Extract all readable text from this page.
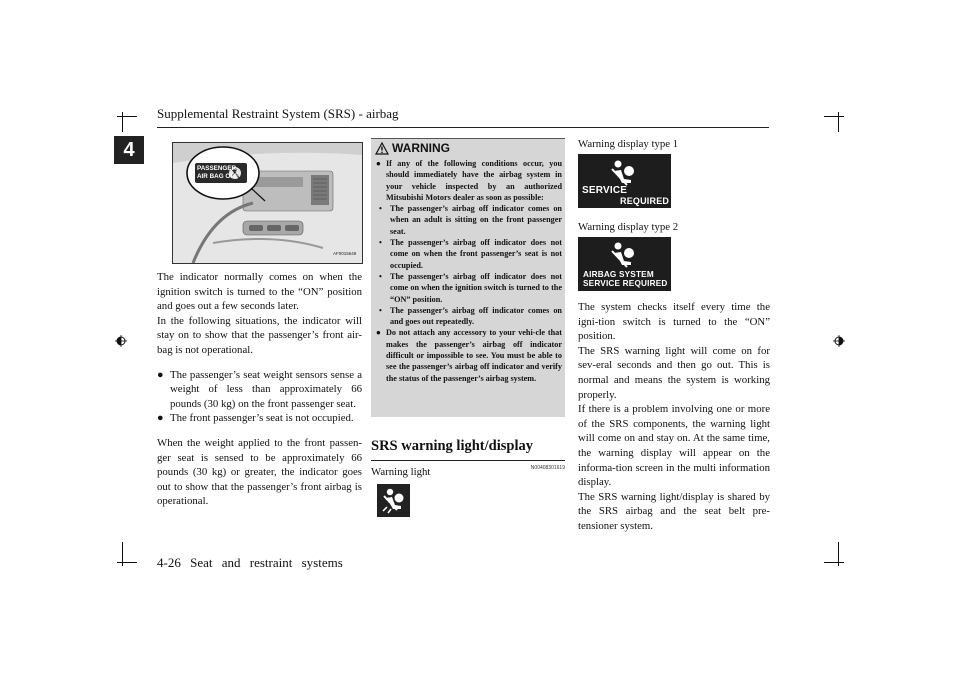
Supplemental Restraint System (SRS) - airbag
4
PASSENGER
AIR BAG OFF
AF0015649

The indicator normally comes on when the ignition switch is turned to the “ON” position and goes out a few seconds later.

In the following situations, the indicator will stay on to show that the passenger’s front air-bag is not operational.

● The passenger’s seat weight sensors sense a weight of less than approximately 66 pounds (30 kg) on the front passenger seat.
● The front passenger’s seat is not occupied.

When the weight applied to the front passen-ger seat is sensed to be approximately 66 pounds (30 kg) or greater, the indicator goes out to show that the passenger’s front airbag is operational.

WARNING

● If any of the following conditions occur, you should immediately have the airbag system in your vehicle inspected by an authorized Mitsubishi Motors dealer as soon as possible:

• The passenger’s airbag off indicator comes on when an adult is sitting on the front passenger seat.

• The passenger’s airbag off indicator does not come on when the front passenger’s seat is not occupied.

• The passenger’s airbag off indicator does not come on when the ignition switch is turned to the “ON” position.

• The passenger’s airbag off indicator comes on and goes out repeatedly.

● Do not attach any accessory to your vehi-cle that makes the passenger’s airbag off indicator difficult or impossible to see. You must be able to see the passenger’s airbag off indicator and verify the status of the passenger’s airbag system.

SRS warning light/display
N00408301619
Warning light
Warning display type 1
SERVICE
REQUIRED
Warning display type 2
AIRBAG SYSTEM
SERVICE REQUIRED

The system checks itself every time the igni-tion switch is turned to the “ON” position.

The SRS warning light will come on for sev-eral seconds and then go out. This is normal and means the system is working properly.

If there is a problem involving one or more of the SRS components, the warning light will come on and stay on. At the same time, the warning display will appear on the informa-tion screen in the multi information display.

The SRS warning light/display is shared by the SRS airbag and the seat belt pre-tensioner system.

4-26 Seat and restraint systems
